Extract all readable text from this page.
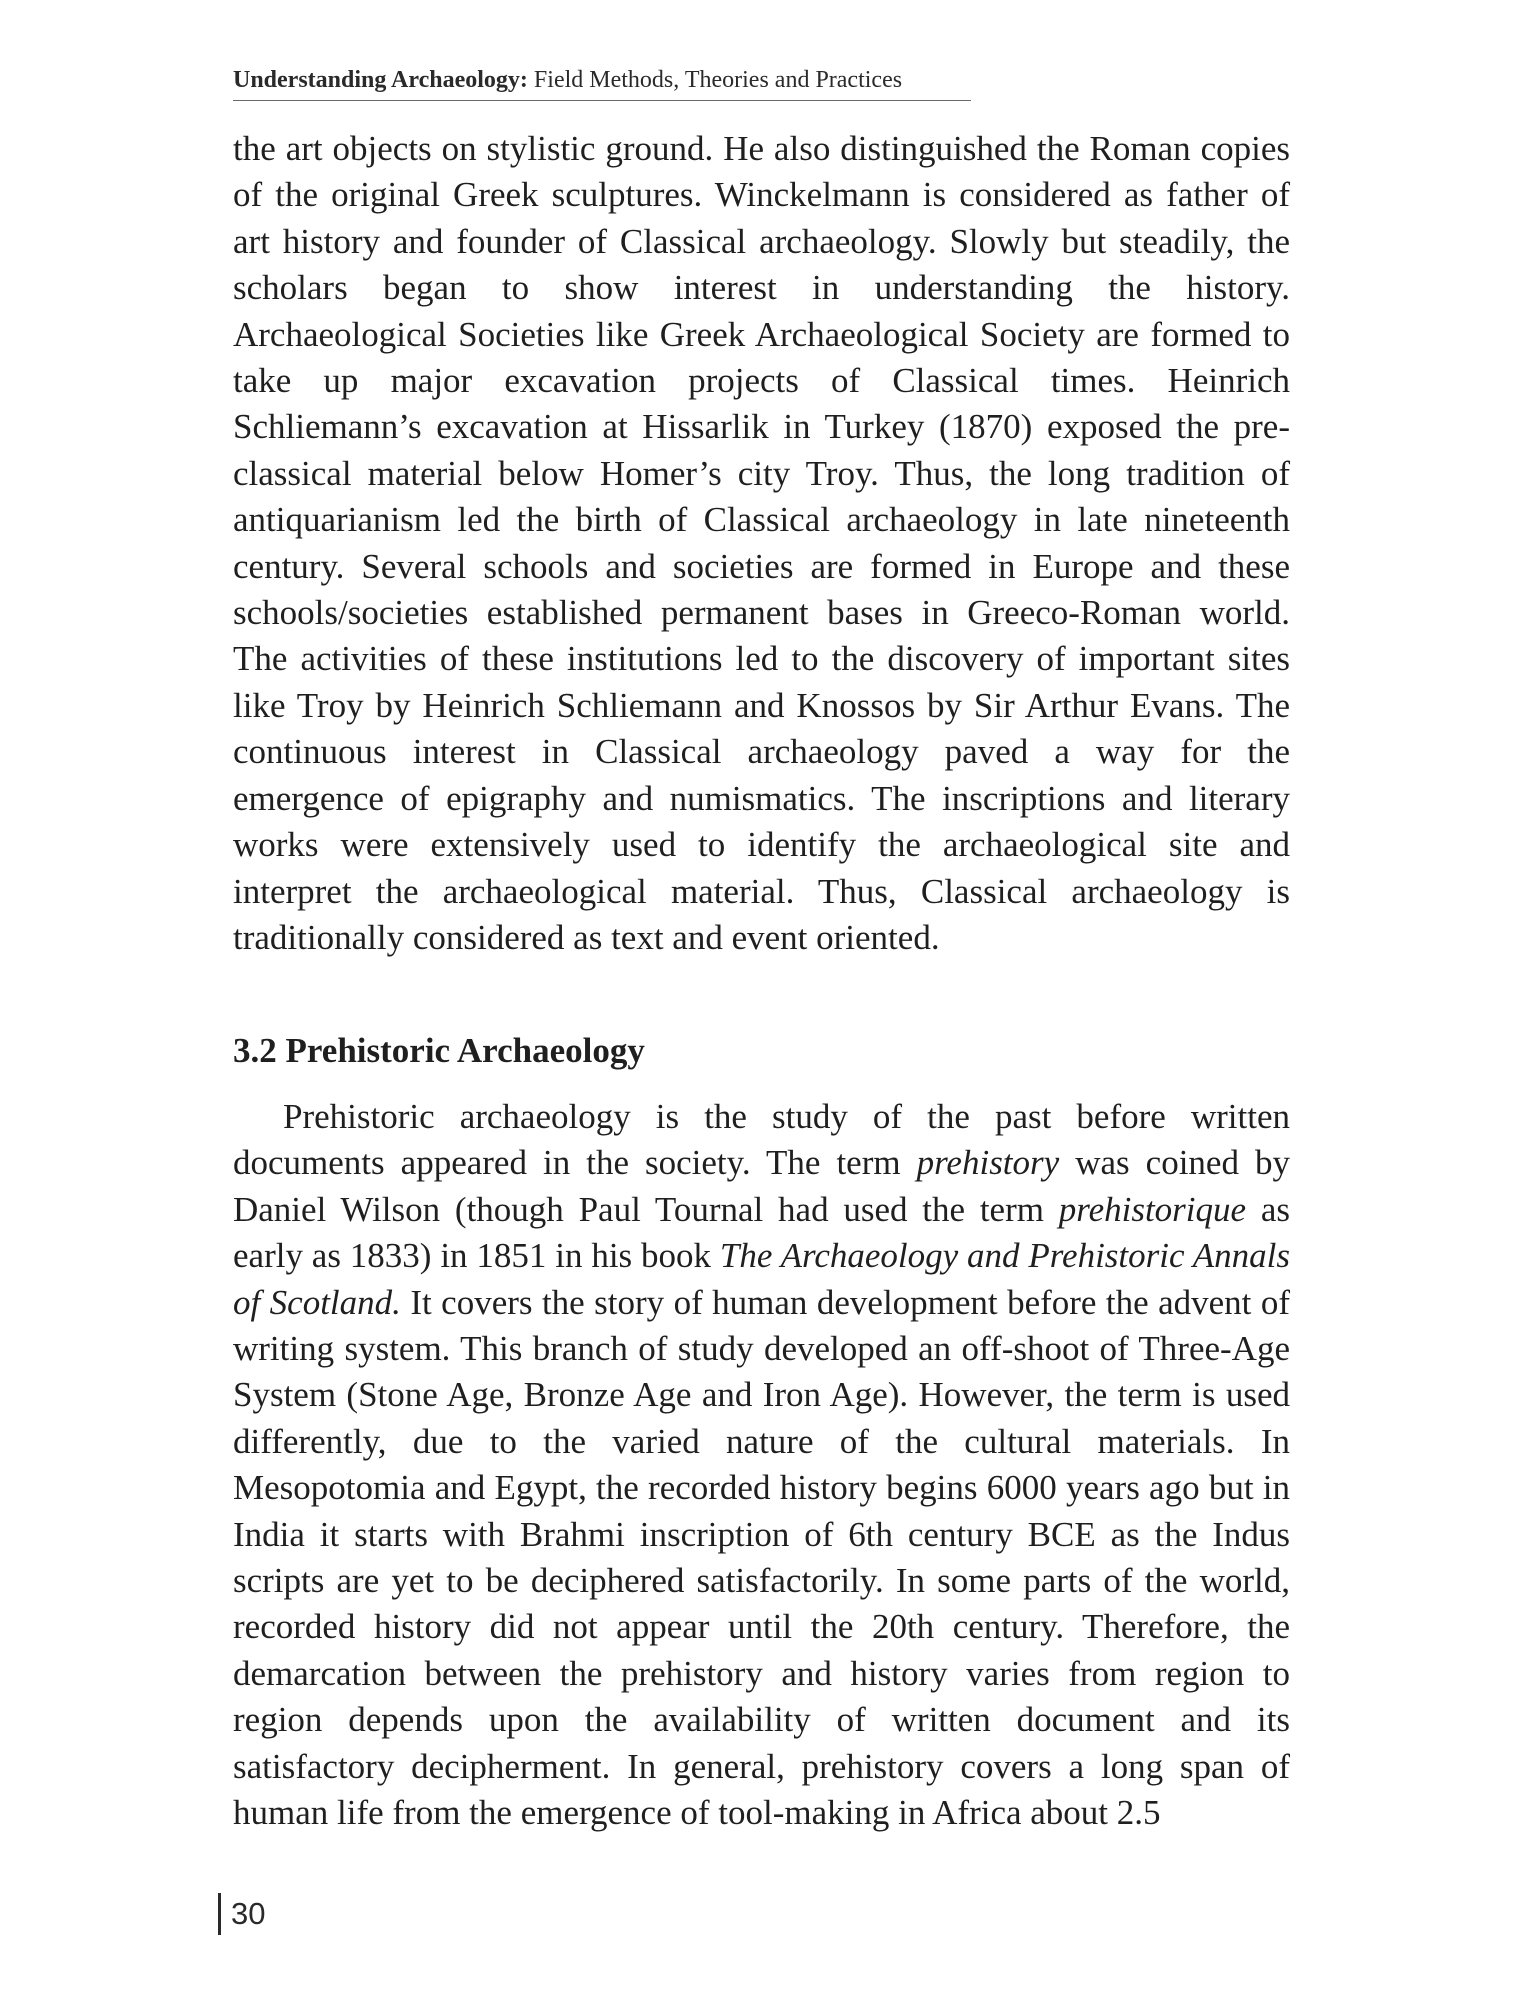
Understanding Archaeology: Field Methods, Theories and Practices

the art objects on stylistic ground. He also distinguished the Roman copies of the original Greek sculptures. Winckelmann is considered as father of art history and founder of Classical archaeology. Slowly but steadily, the scholars began to show interest in understanding the history. Archaeological Societies like Greek Archaeological Society are formed to take up major excavation projects of Classical times. Heinrich Schliemann’s excavation at Hissarlik in Turkey (1870) exposed the pre-classical material below Homer’s city Troy. Thus, the long tradition of antiquarianism led the birth of Classical archaeology in late nineteenth century. Several schools and societies are formed in Europe and these schools/societies established permanent bases in Greeco-Roman world. The activities of these institutions led to the discovery of important sites like Troy by Heinrich Schliemann and Knossos by Sir Arthur Evans. The continuous interest in Classical archaeology paved a way for the emergence of epigraphy and numismatics. The inscriptions and literary works were extensively used to identify the archaeological site and interpret the archaeological material. Thus, Classical archaeology is traditionally considered as text and event oriented.

3.2 Prehistoric Archaeology

Prehistoric archaeology is the study of the past before written documents appeared in the society. The term prehistory was coined by Daniel Wilson (though Paul Tournal had used the term prehistorique as early as 1833) in 1851 in his book The Archaeology and Prehistoric Annals of Scotland. It covers the story of human development before the advent of writing system. This branch of study developed an off-shoot of Three-Age System (Stone Age, Bronze Age and Iron Age). However, the term is used differently, due to the varied nature of the cultural materials. In Mesopotomia and Egypt, the recorded history begins 6000 years ago but in India it starts with Brahmi inscription of 6th century BCE as the Indus scripts are yet to be deciphered satisfactorily. In some parts of the world, recorded history did not appear until the 20th century. Therefore, the demarcation between the prehistory and history varies from region to region depends upon the availability of written document and its satisfactory decipherment. In general, prehistory covers a long span of human life from the emergence of tool-making in Africa about 2.5

30
